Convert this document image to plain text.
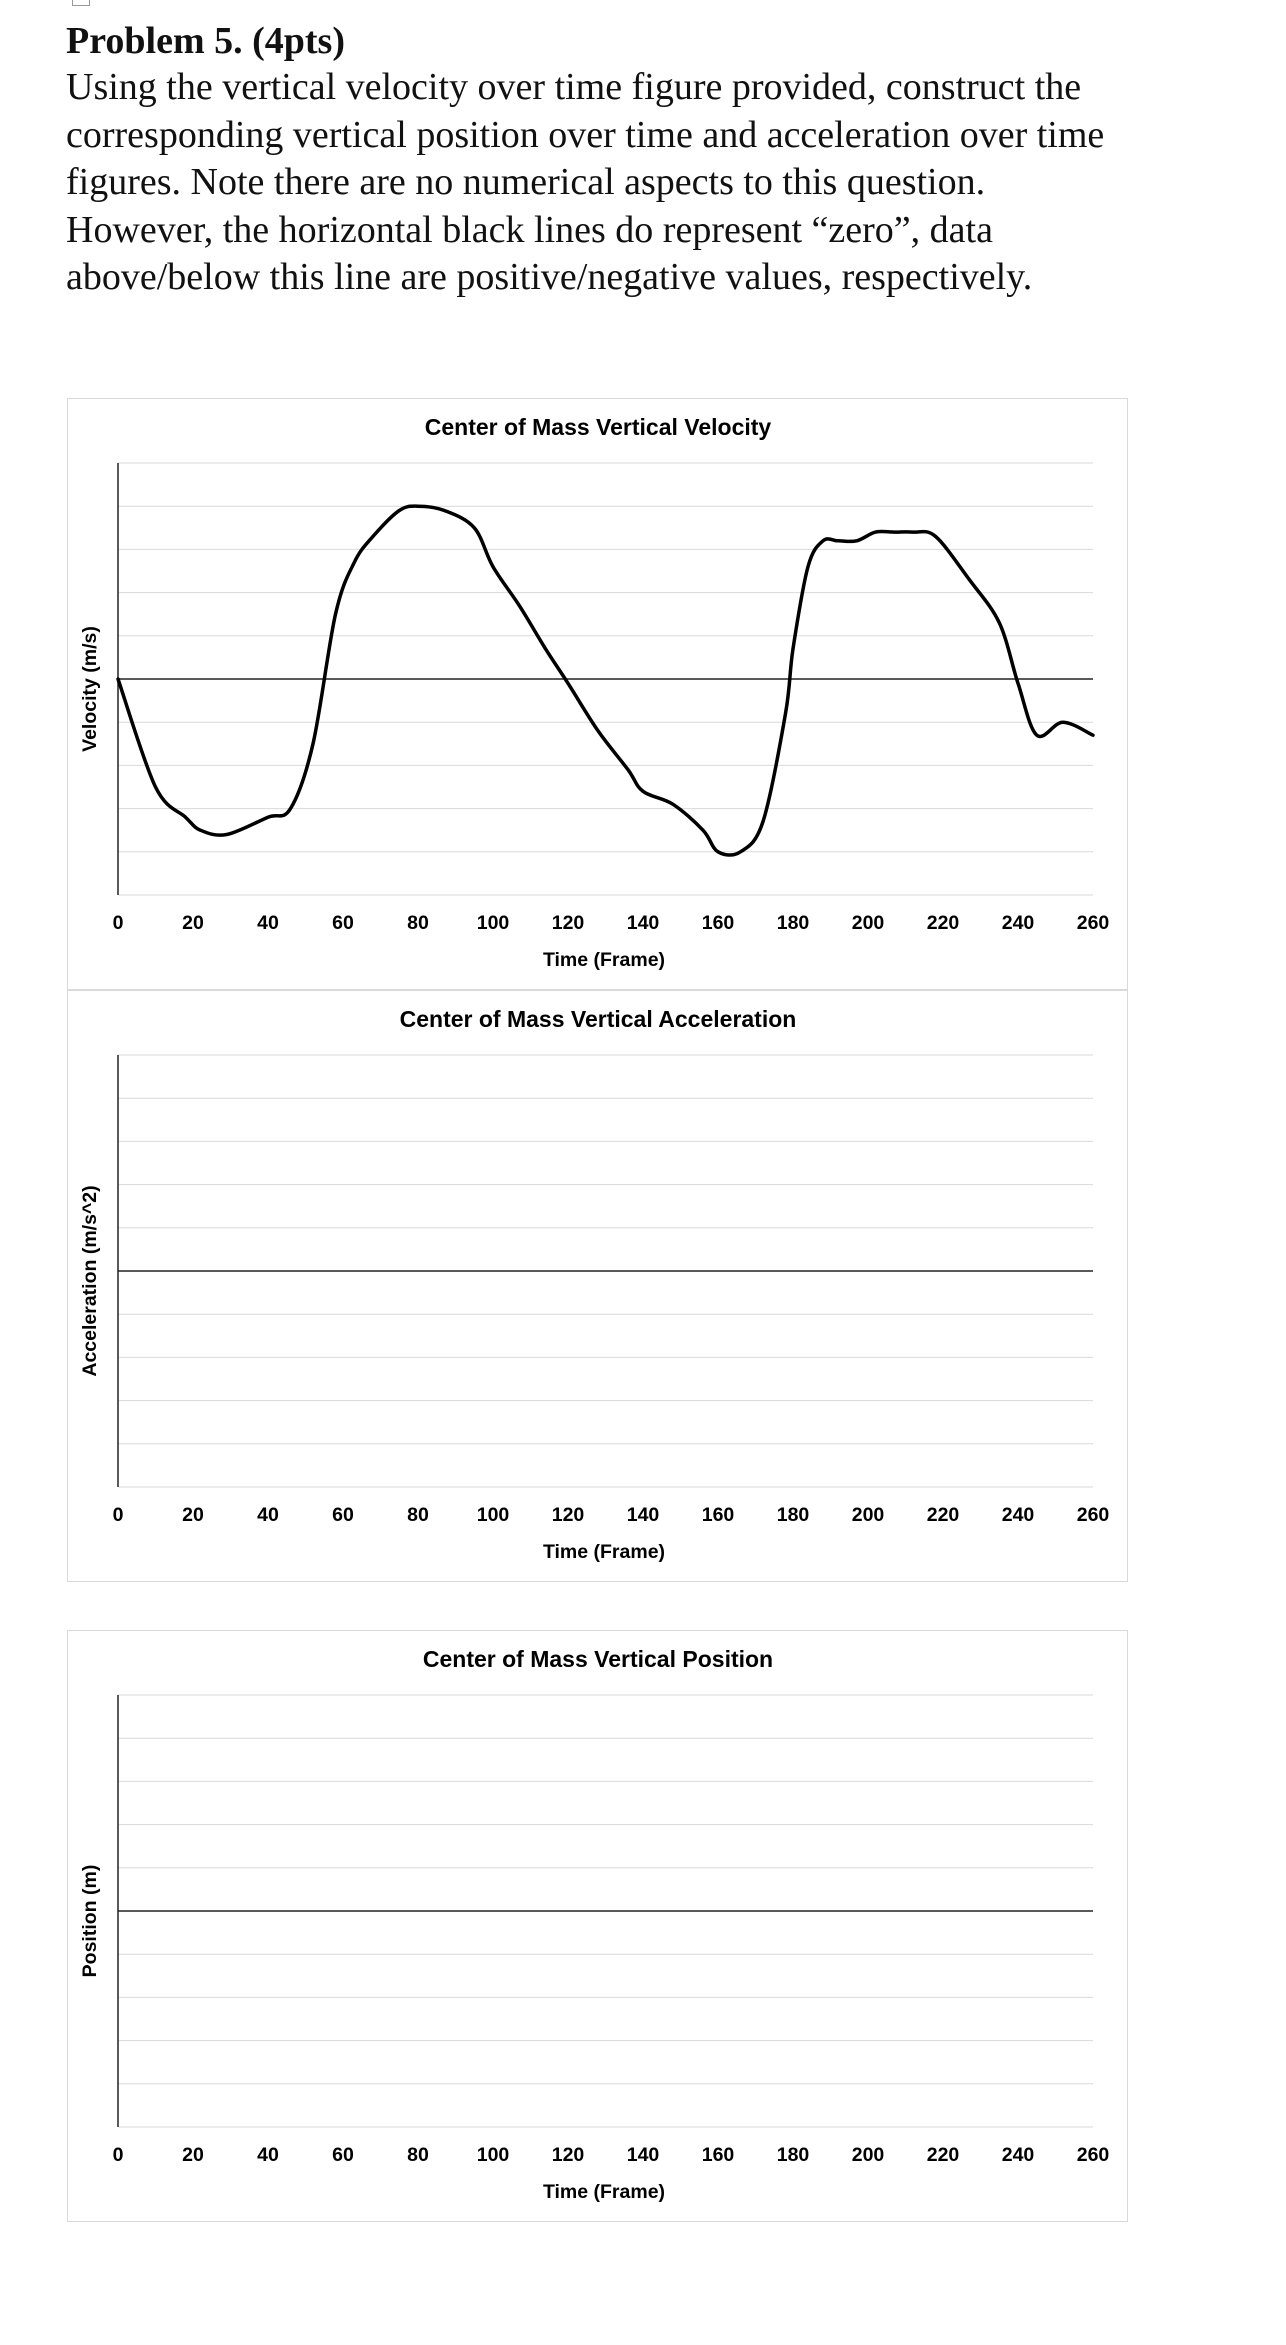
Problem 5. (4pts)

Using the vertical velocity over time figure provided, construct the corresponding vertical position over time and acceleration over time figures. Note there are no numerical aspects to this question. However, the horizontal black lines do represent “zero”, data above/below this line are positive/negative values, respectively.

Center of Mass Vertical Velocity
0	20	40	60	80 100 120 140 160 180 200 220 240 260
Time (Frame)
Velocity (m/s)
Center of Mass Vertical Acceleration
0	20	40	60	80 100 120 140 160 180 200 220 240 260
Time (Frame)
Acceleration (m/s^2)
Center of Mass Vertical Position
0	20	40	60	80 100 120 140 160 180 200 220 240 260
Time (Frame)
Position (m)
